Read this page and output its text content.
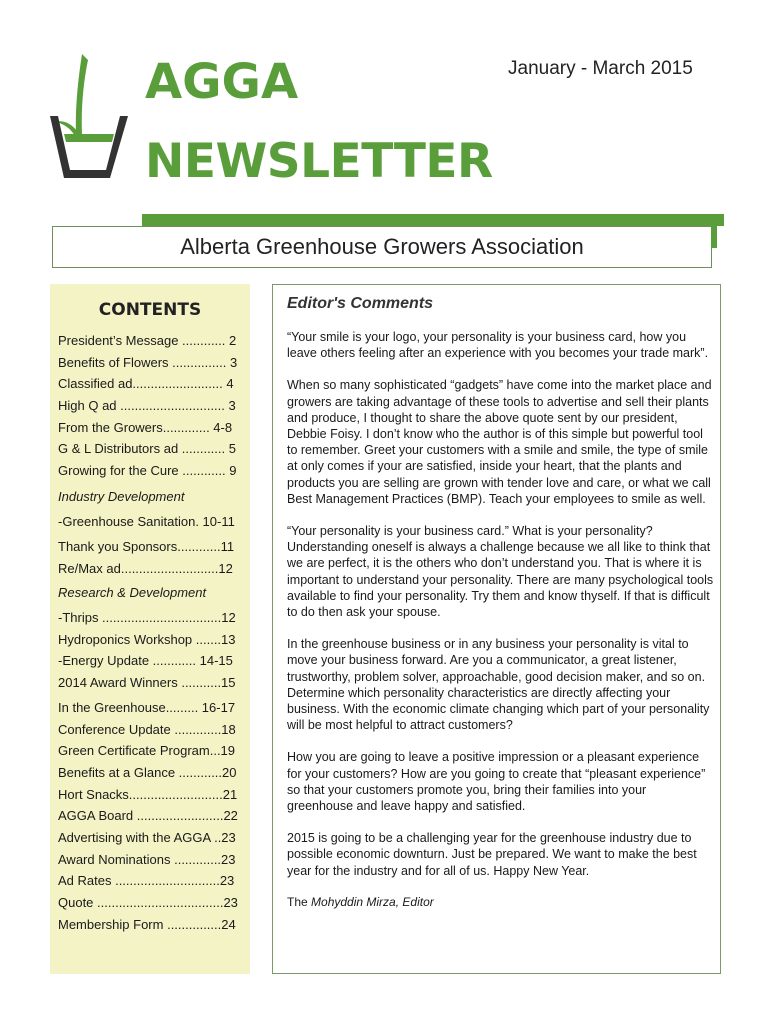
AGGA
NEWSLETTER
January - March 2015
Alberta Greenhouse Growers Association
CONTENTS
President’s Message ............ 2
Benefits of Flowers ............... 3
Classified ad......................... 4
High Q ad ............................. 3
From the Growers............. 4-8
G & L Distributors ad ............ 5
Growing for the Cure ............ 9
Industry Development
-Greenhouse Sanitation. 10-11
Thank you Sponsors............11
Re/Max ad...........................12
Research & Development
-Thrips .................................12
Hydroponics Workshop .......13
-Energy Update ............ 14-15
2014 Award Winners ...........15
In the Greenhouse......... 16-17
Conference Update .............18
Green Certificate Program...19
Benefits at a Glance ............20
Hort Snacks..........................21
AGGA Board ........................22
Advertising with the AGGA ..23
Award Nominations .............23
Ad Rates .............................23
Quote ...................................23
Membership Form ...............24
Editor's Comments

“Your smile is your logo, your personality is your business card, how you leave others feeling after an experience with you becomes your trade mark”.

When so many sophisticated “gadgets” have come into the market place and growers are taking advantage of these tools to advertise and sell their plants and produce, I thought to share the above quote sent by our president, Debbie Foisy. I don’t know who the author is of this simple but powerful tool to remember. Greet your customers with a smile and smile, the type of smile at only comes if your are satisfied, inside your heart, that the plants and products you are selling are grown with tender love and care, or what we call Best Management Practices (BMP). Teach your employees to smile as well.

“Your personality is your business card.” What is your personality? Understanding oneself is always a challenge because we all like to think that we are perfect, it is the others who don’t understand you. That is where it is important to understand your personality. There are many psychological tools available to find your personality. Try them and know thyself. If that is difficult to do then ask your spouse.

In the greenhouse business or in any business your personality is vital to move your business forward. Are you a communicator, a great listener, trustworthy, problem solver, approachable, good decision maker, and so on. Determine which personality characteristics are directly affecting your business. With the economic climate changing which part of your personality will be most helpful to attract customers?

How you are going to leave a positive impression or a pleasant experience for your customers? How are you going to create that “pleasant experience” so that your customers promote you, bring their families into your greenhouse and leave happy and satisfied.

2015 is going to be a challenging year for the greenhouse industry due to possible economic downturn. Just be prepared. We want to make the best year for the industry and for all of us. Happy New Year.

The Mohyddin Mirza, Editor
